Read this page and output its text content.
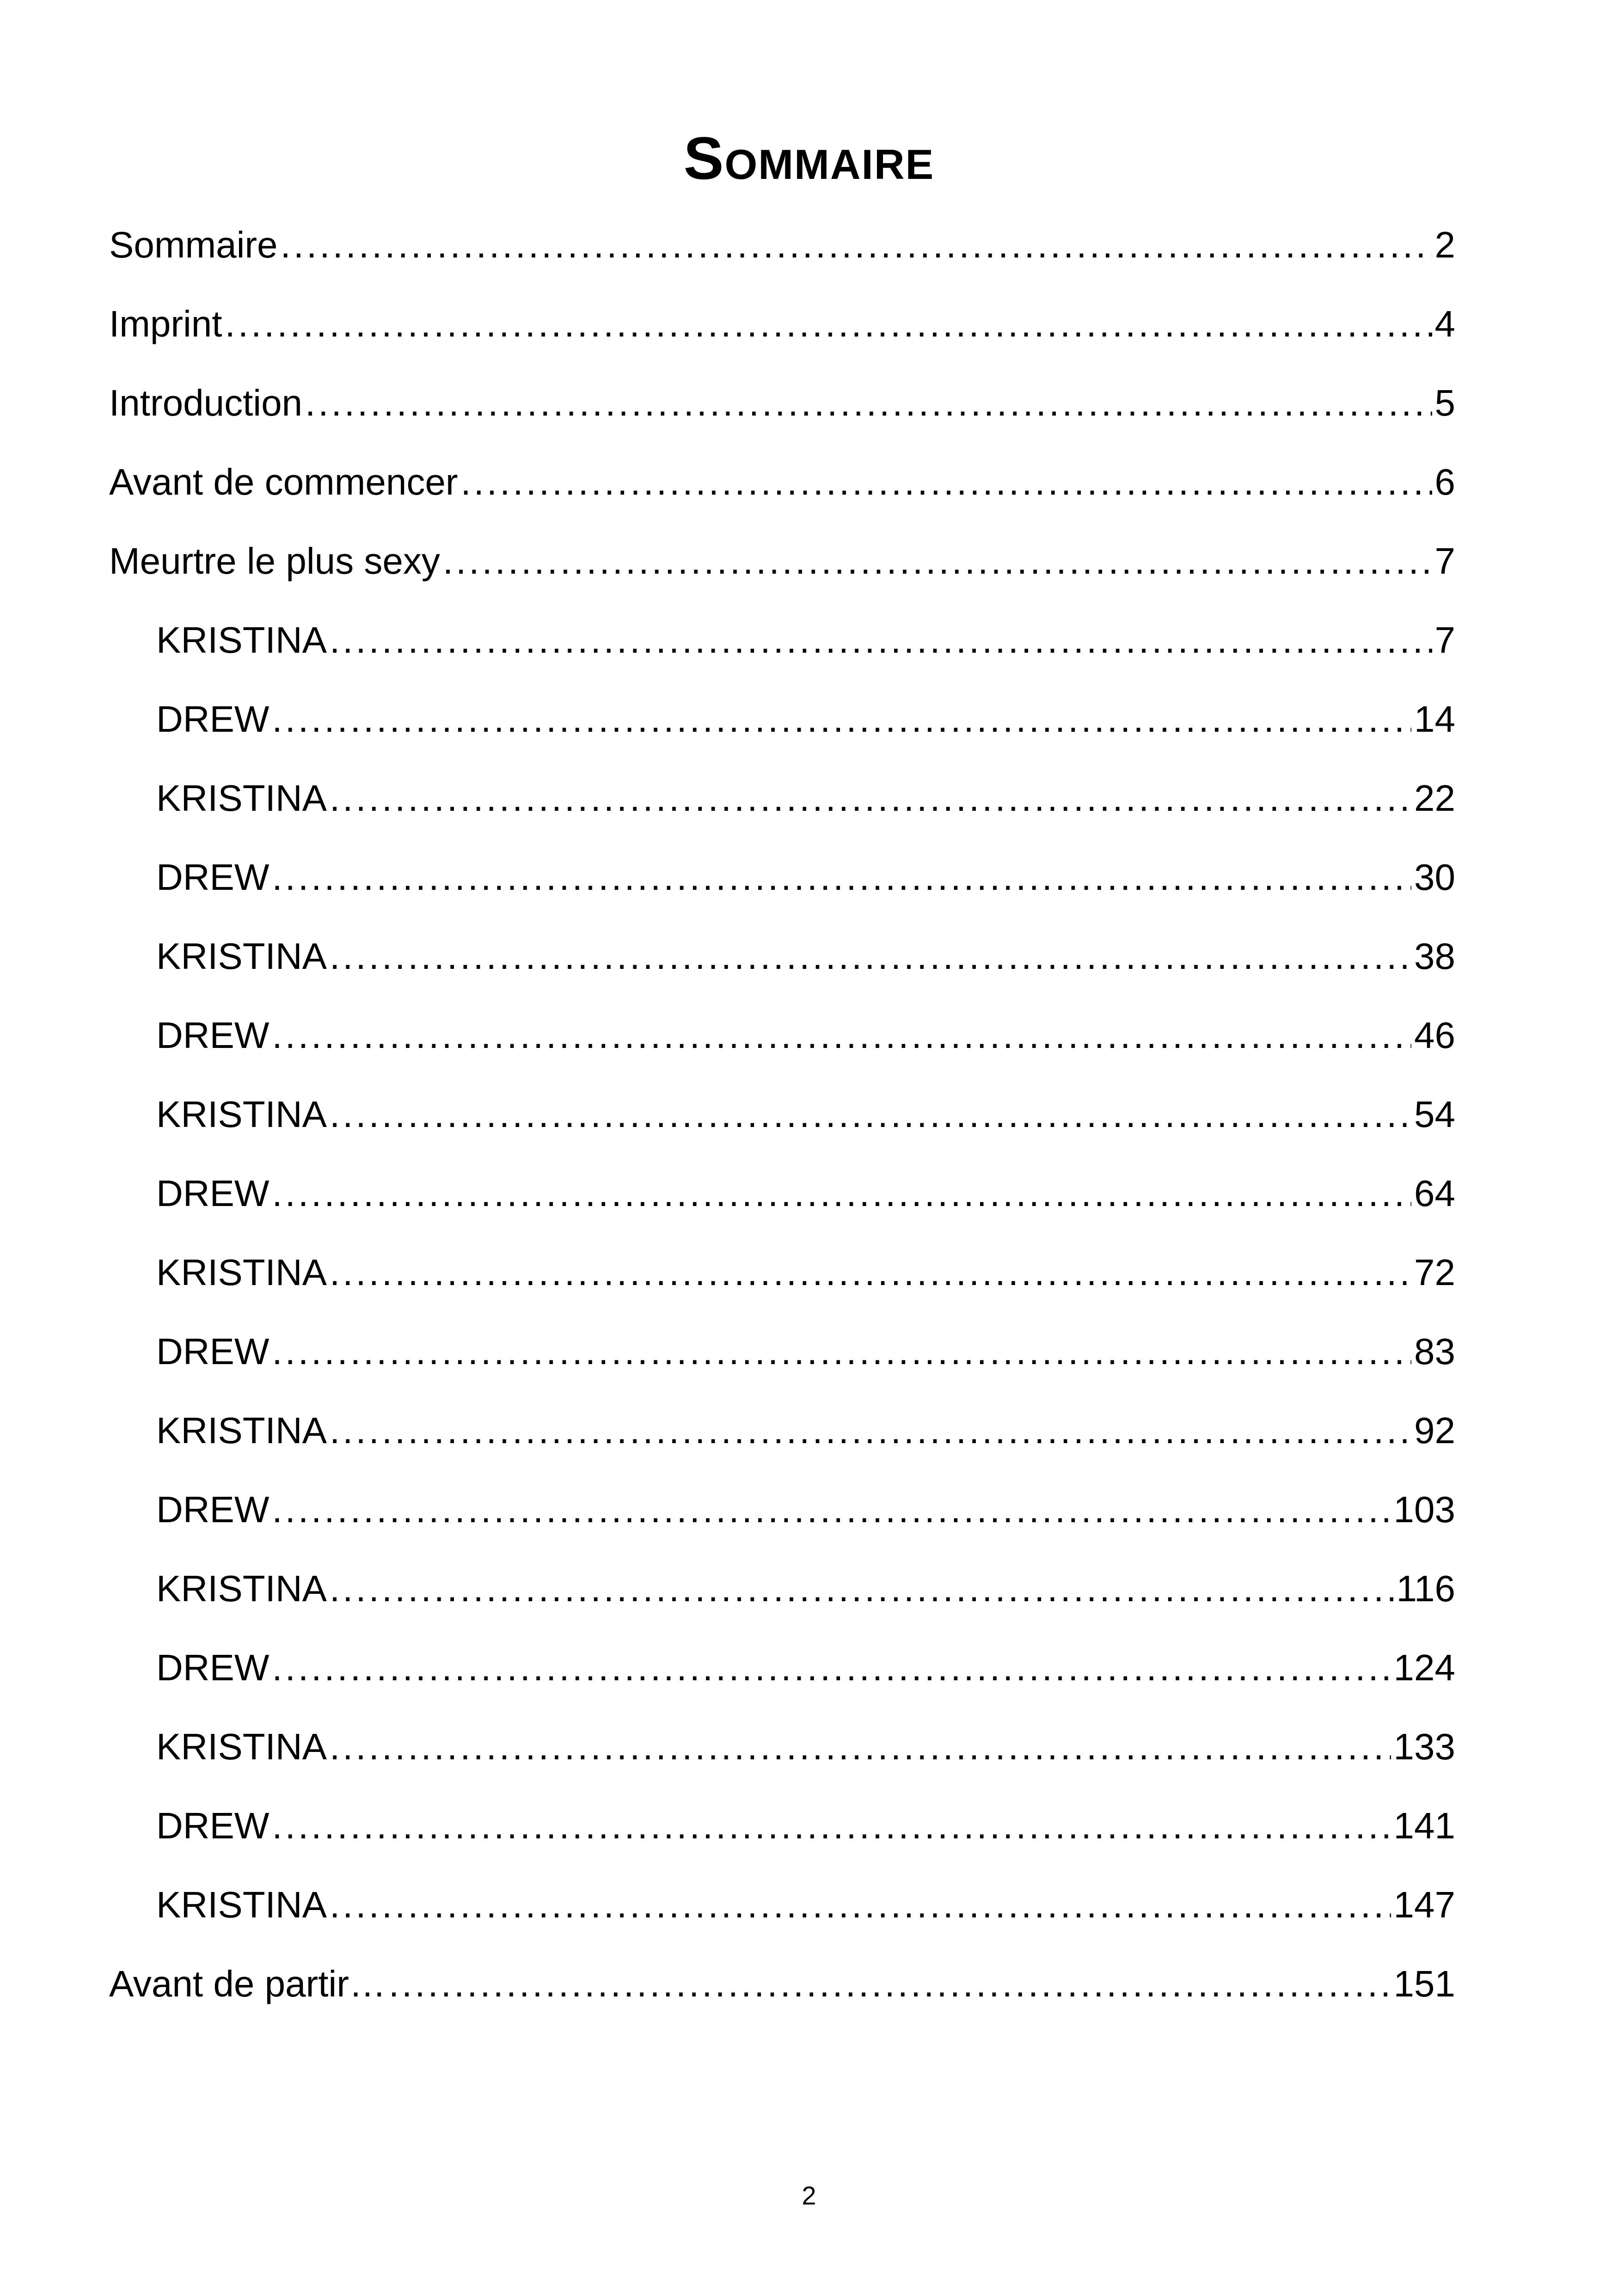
Sommaire
Sommaire .....	2
Imprint .....	4
Introduction .....	5
Avant de commencer .....	6
Meurtre le plus sexy .....	7
KRISTINA .....	7
DREW .....	14
KRISTINA .....	22
DREW .....	30
KRISTINA .....	38
DREW .....	46
KRISTINA .....	54
DREW .....	64
KRISTINA .....	72
DREW .....	83
KRISTINA .....	92
DREW .....	103
KRISTINA .....	116
DREW .....	124
KRISTINA .....	133
DREW .....	141
KRISTINA .....	147
Avant de partir… .....	151
2
